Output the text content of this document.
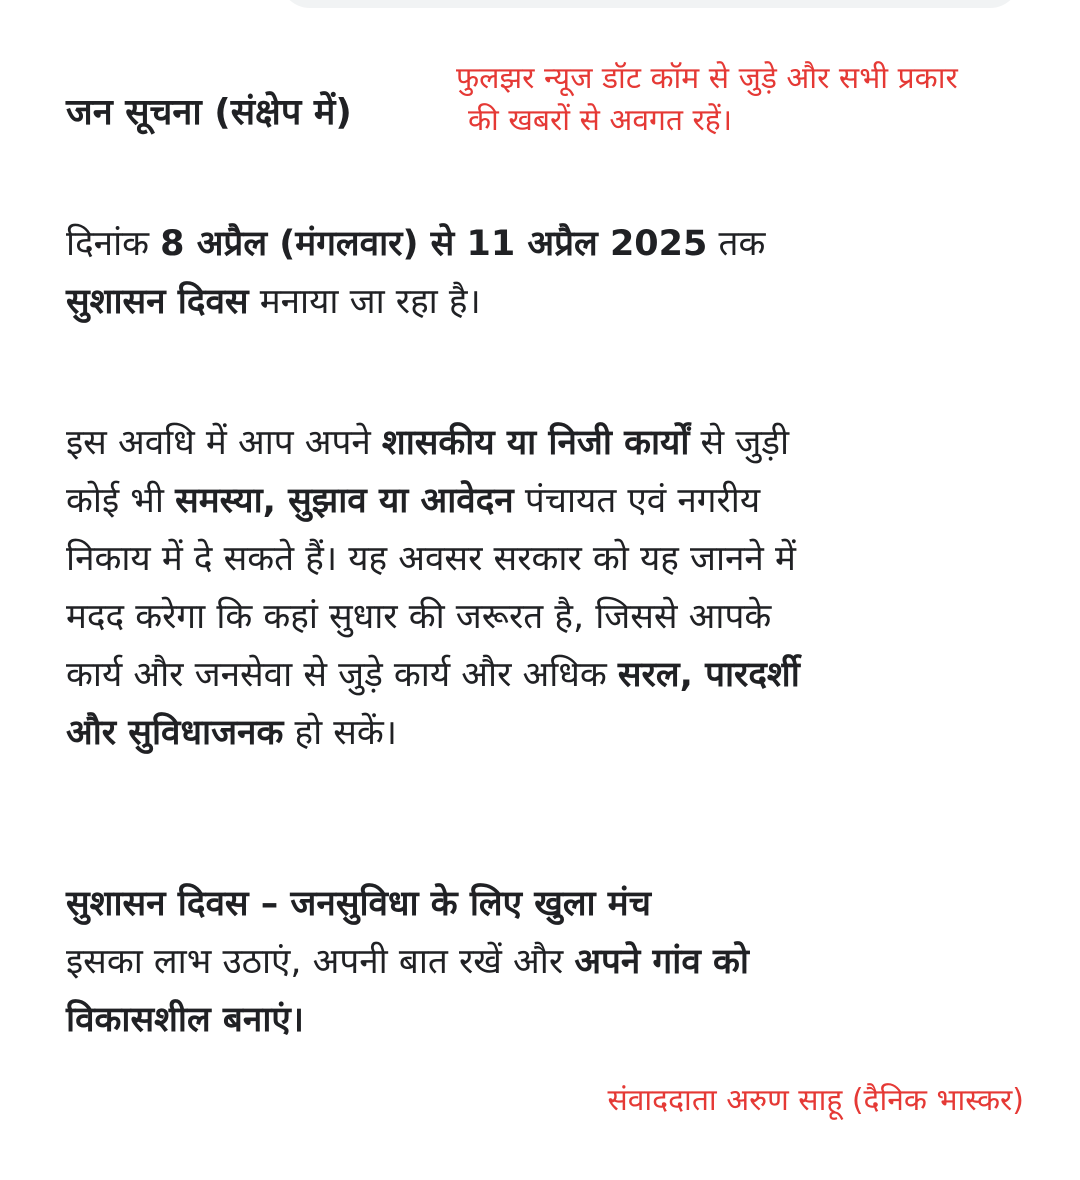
फुलझर न्यूज डॉट कॉम से जुड़े और सभी प्रकार
की खबरों से अवगत रहें।
जन सूचना (संक्षेप में)
दिनांक 8 अप्रैल (मंगलवार) से 11 अप्रैल 2025 तक
सुशासन दिवस मनाया जा रहा है।
इस अवधि में आप अपने शासकीय या निजी कार्यों से जुड़ी
कोई भी समस्या, सुझाव या आवेदन पंचायत एवं नगरीय
निकाय में दे सकते हैं। यह अवसर सरकार को यह जानने में
मदद करेगा कि कहां सुधार की जरूरत है, जिससे आपके
कार्य और जनसेवा से जुड़े कार्य और अधिक सरल, पारदर्शी
और सुविधाजनक हो सकें।
सुशासन दिवस – जनसुविधा के लिए खुला मंच
इसका लाभ उठाएं, अपनी बात रखें और अपने गांव को
विकासशील बनाएं।
संवाददाता अरुण साहू (दैनिक भास्कर)
